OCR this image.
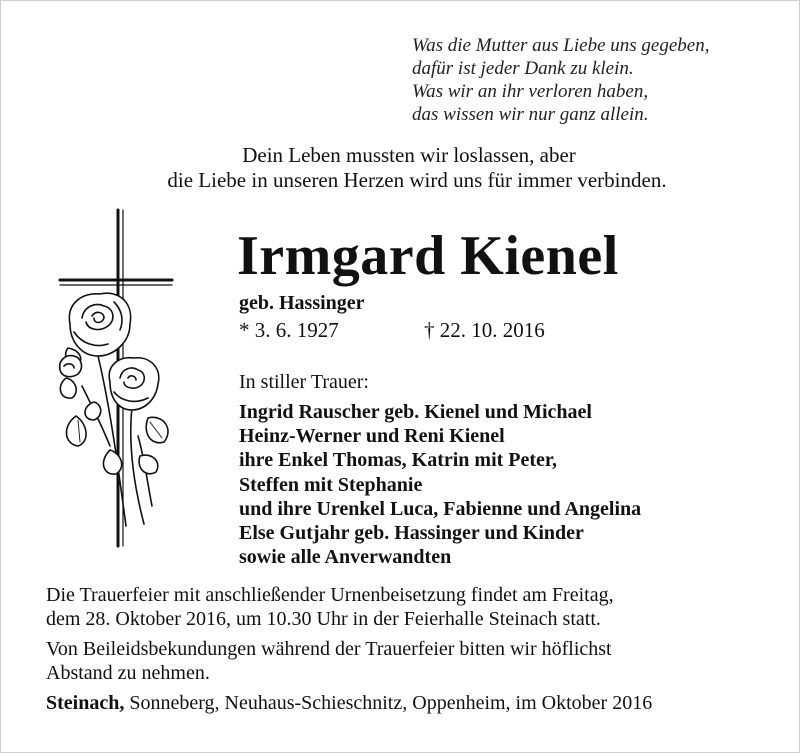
Was die Mutter aus Liebe uns gegeben,
dafür ist jeder Dank zu klein.
Was wir an ihr verloren haben,
das wissen wir nur ganz allein.
Dein Leben mussten wir loslassen, aber
die Liebe in unseren Herzen wird uns für immer verbinden.
Irmgard Kienel
geb. Hassinger
* 3. 6. 1927	† 22. 10. 2016
In stiller Trauer:
Ingrid Rauscher geb. Kienel und Michael
Heinz-Werner und Reni Kienel
ihre Enkel Thomas, Katrin mit Peter,
Steffen mit Stephanie
und ihre Urenkel Luca, Fabienne und Angelina
Else Gutjahr geb. Hassinger und Kinder
sowie alle Anverwandten
Die Trauerfeier mit anschließender Urnenbeisetzung findet am Freitag,
dem 28. Oktober 2016, um 10.30 Uhr in der Feierhalle Steinach statt.
Von Beileidsbekundungen während der Trauerfeier bitten wir höflichst
Abstand zu nehmen.
Steinach, Sonneberg, Neuhaus-Schieschnitz, Oppenheim, im Oktober 2016
